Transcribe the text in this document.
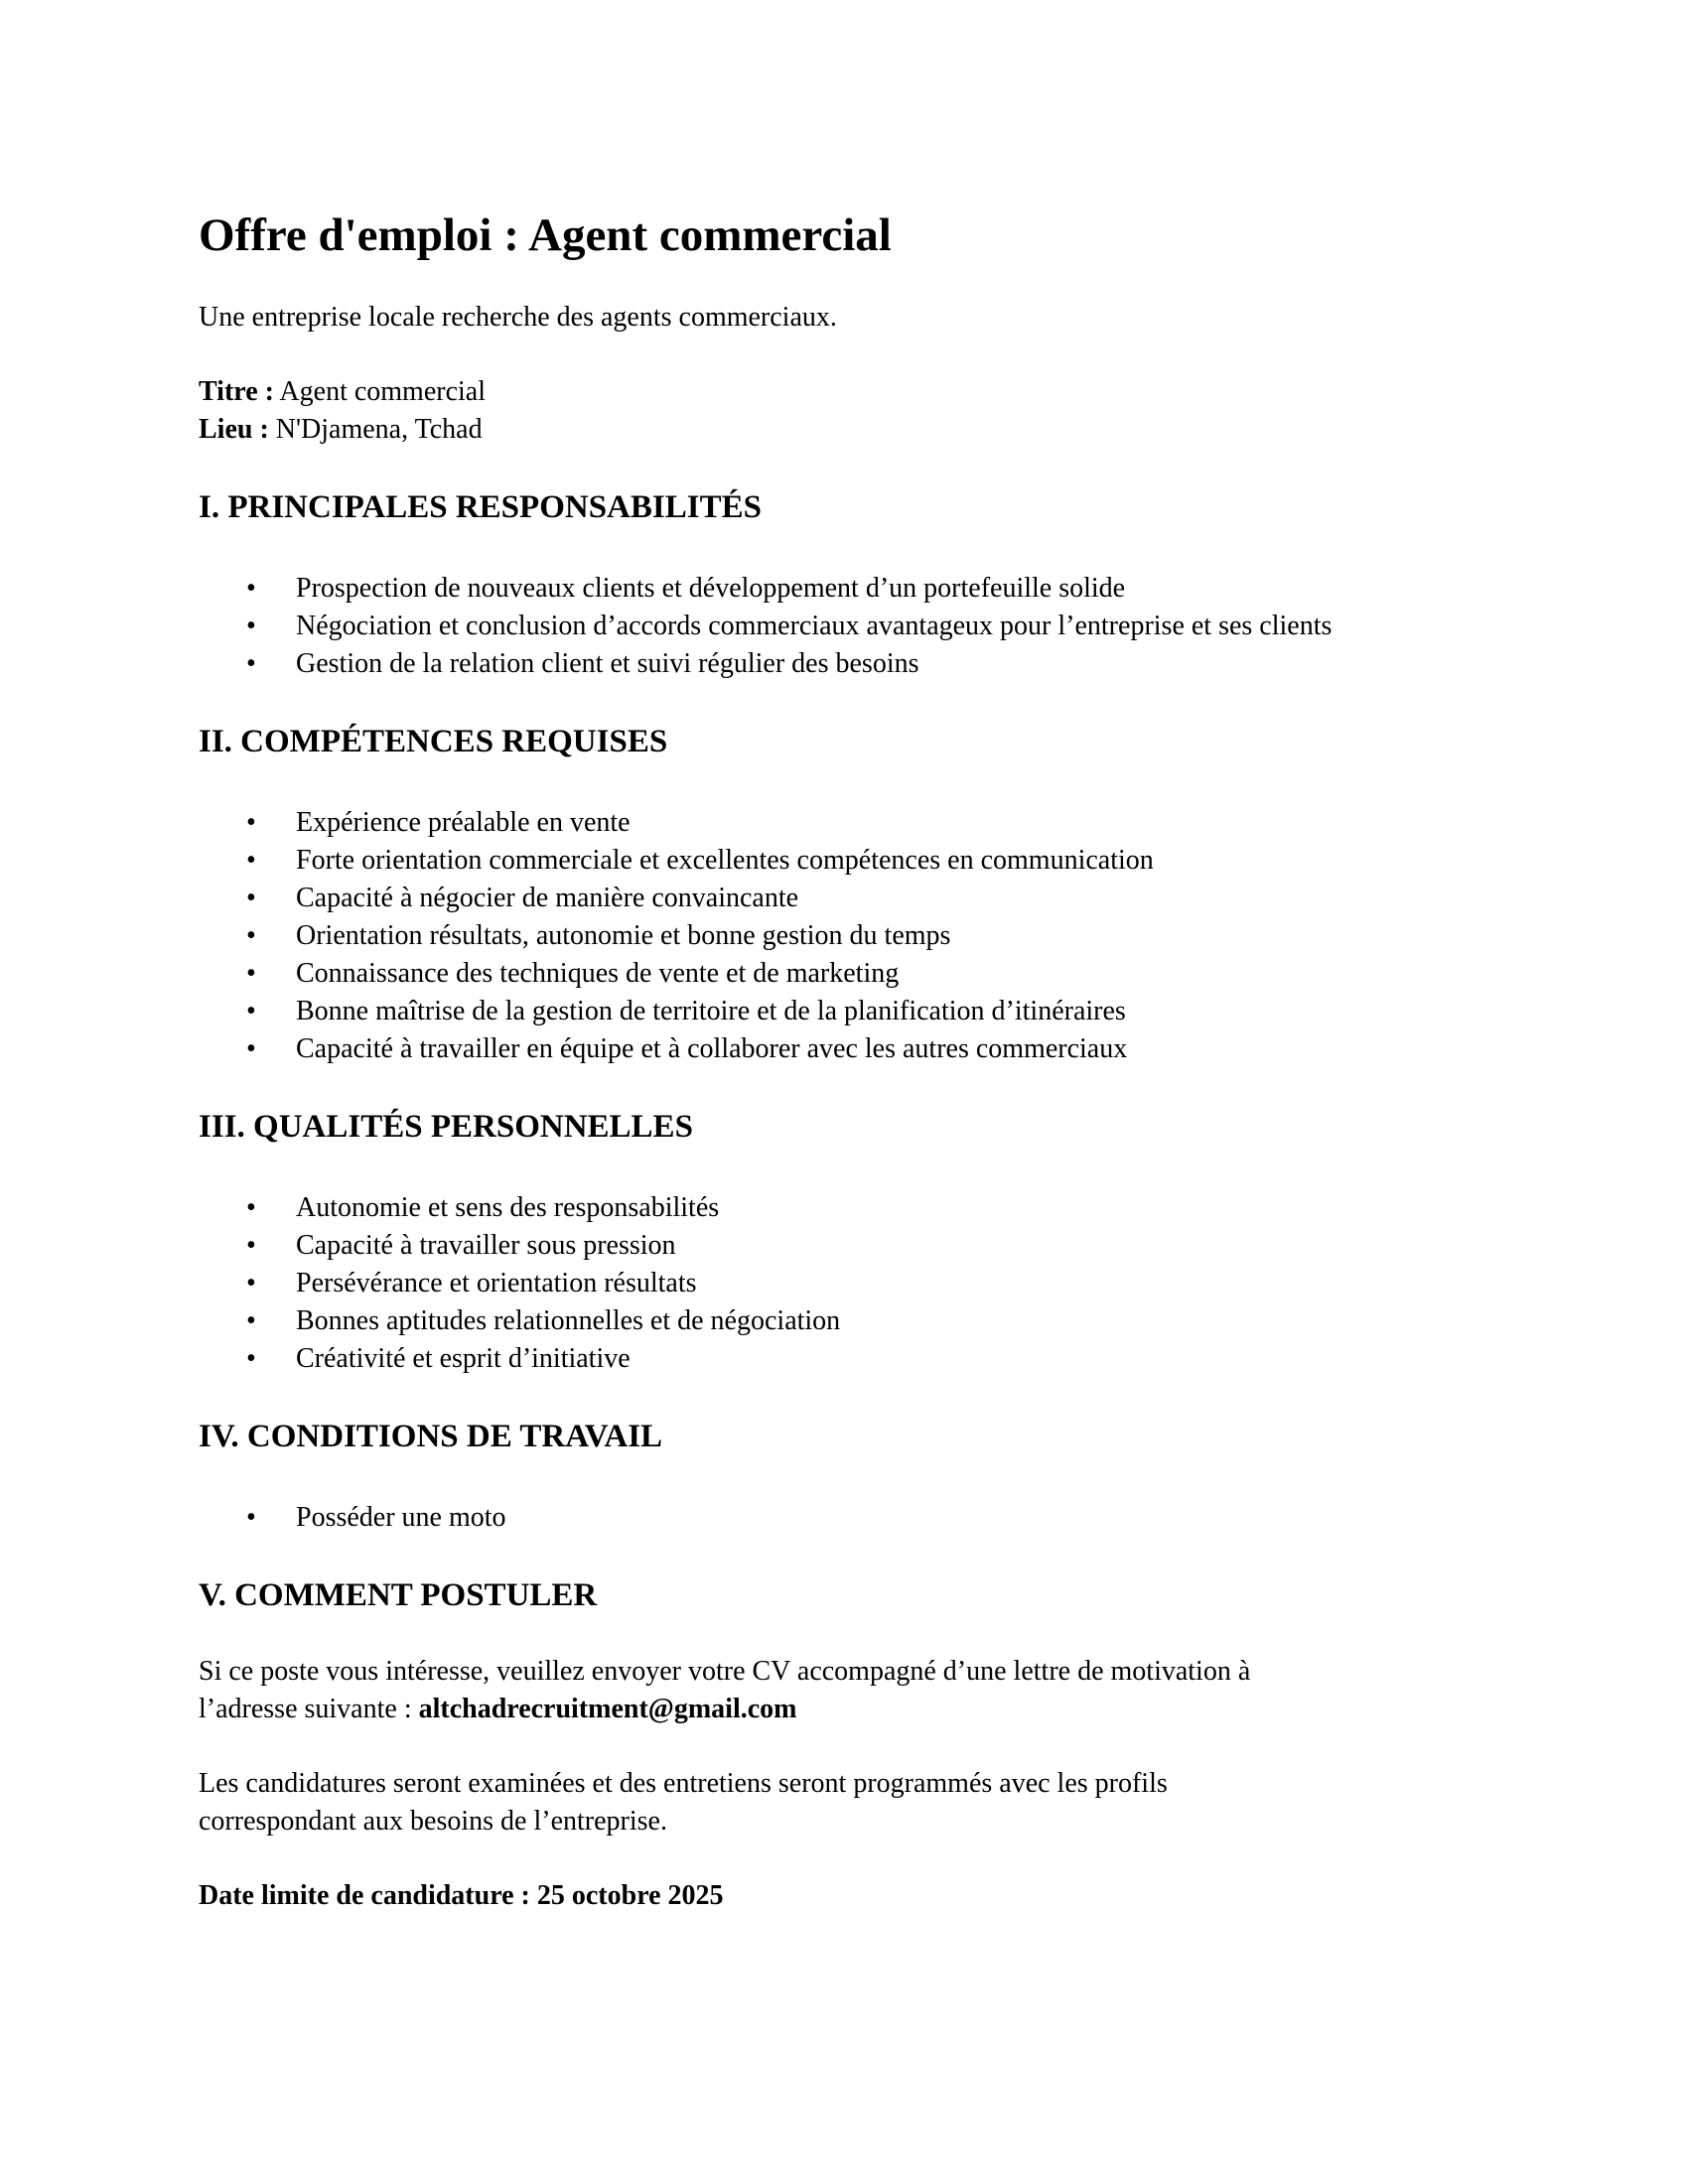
Offre d'emploi : Agent commercial

Une entreprise locale recherche des agents commerciaux.

Titre : Agent commercial
Lieu : N'Djamena, Tchad

I. PRINCIPALES RESPONSABILITÉS
• Prospection de nouveaux clients et développement d’un portefeuille solide
• Négociation et conclusion d’accords commerciaux avantageux pour l’entreprise et ses clients
• Gestion de la relation client et suivi régulier des besoins
II. COMPÉTENCES REQUISES
• Expérience préalable en vente
• Forte orientation commerciale et excellentes compétences en communication
• Capacité à négocier de manière convaincante
• Orientation résultats, autonomie et bonne gestion du temps
• Connaissance des techniques de vente et de marketing
• Bonne maîtrise de la gestion de territoire et de la planification d’itinéraires
• Capacité à travailler en équipe et à collaborer avec les autres commerciaux
III. QUALITÉS PERSONNELLES
• Autonomie et sens des responsabilités
• Capacité à travailler sous pression
• Persévérance et orientation résultats
• Bonnes aptitudes relationnelles et de négociation
• Créativité et esprit d’initiative
IV. CONDITIONS DE TRAVAIL
• Posséder une moto
V. COMMENT POSTULER

Si ce poste vous intéresse, veuillez envoyer votre CV accompagné d’une lettre de motivation à
l’adresse suivante : altchadrecruitment@gmail.com

Les candidatures seront examinées et des entretiens seront programmés avec les profils
correspondant aux besoins de l’entreprise.

Date limite de candidature : 25 octobre 2025
